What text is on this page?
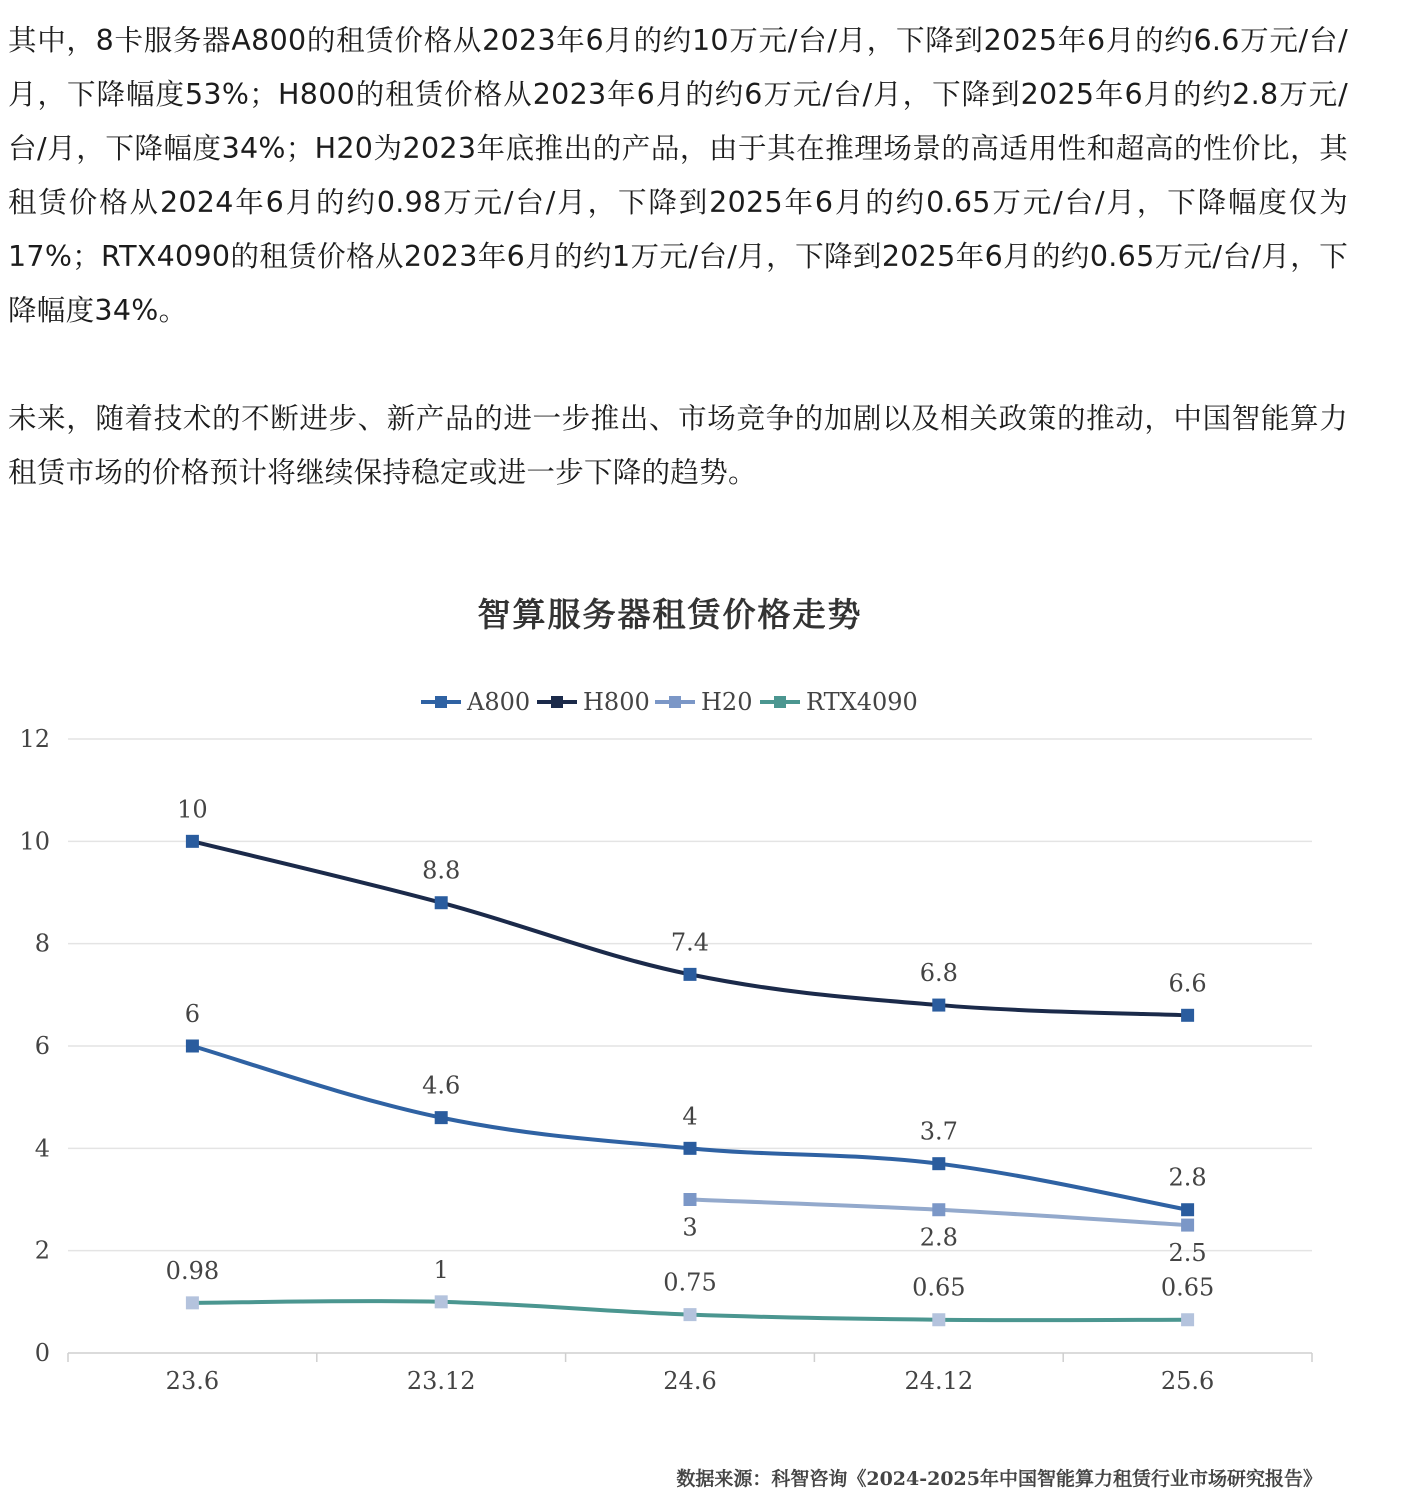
其中，8卡服务器A800的租赁价格从2023年6月的约10万元/台/月，下降到2025年6月的约6.6万元/台/月，下降幅度53%；H800的租赁价格从2023年6月的约6万元/台/月，下降到2025年6月的约2.8万元/台/月，下降幅度34%；H20为2023年底推出的产品，由于其在推理场景的高适用性和超高的性价比，其租赁价格从2024年6月的约0.98万元/台/月，下降到2025年6月的约0.65万元/台/月，下降幅度仅为17%；RTX4090的租赁价格从2023年6月的约1万元/台/月，下降到2025年6月的约0.65万元/台/月，下降幅度34%。

未来，随着技术的不断进步、新产品的进一步推出、市场竞争的加剧以及相关政策的推动，中国智能算力租赁市场的价格预计将继续保持稳定或进一步下降的趋势。

智算服务器租赁价格走势
A800 H800 H20 RTX4090
0
2
4
6
8
10
12
23.6	23.12	24.6	24.12	25.6
10
8.8
7.4
6.8	6.6
6
4.6
4
3.7
2.8
3	2.8
2.5
0.98	1	0.75	0.65	0.65
数据来源：科智咨询《2024-2025年中国智能算力租赁行业市场研究报告》
